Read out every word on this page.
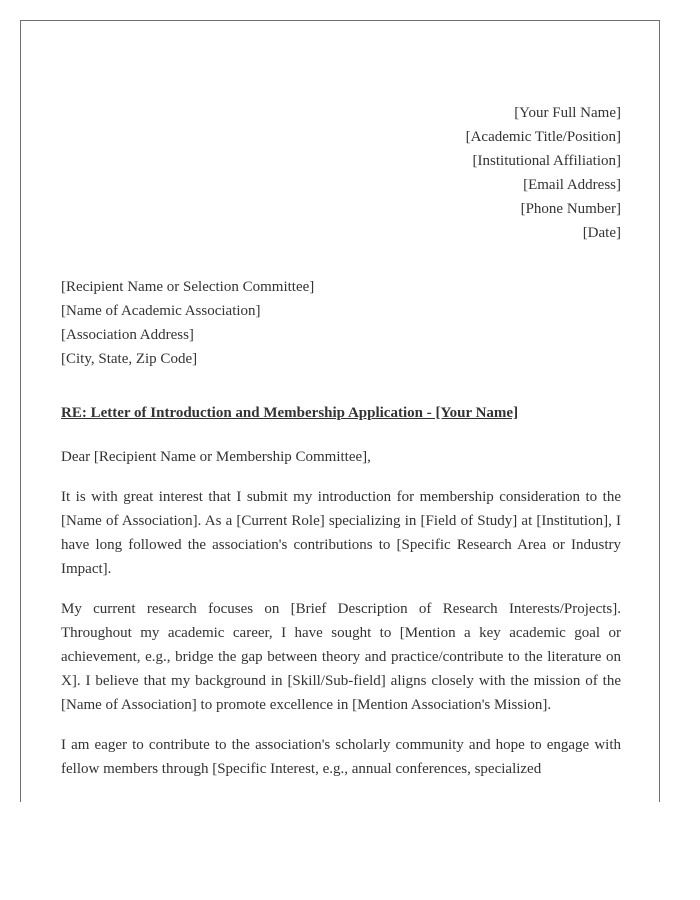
[Your Full Name]
[Academic Title/Position]
[Institutional Affiliation]
[Email Address]
[Phone Number]
[Date]
[Recipient Name or Selection Committee]
[Name of Academic Association]
[Association Address]
[City, State, Zip Code]
RE: Letter of Introduction and Membership Application - [Your Name]
Dear [Recipient Name or Membership Committee],
It is with great interest that I submit my introduction for membership consideration to the [Name of Association]. As a [Current Role] specializing in [Field of Study] at [Institution], I have long followed the association's contributions to [Specific Research Area or Industry Impact].
My current research focuses on [Brief Description of Research Interests/Projects]. Throughout my academic career, I have sought to [Mention a key academic goal or achievement, e.g., bridge the gap between theory and practice/contribute to the literature on X]. I believe that my background in [Skill/Sub-field] aligns closely with the mission of the [Name of Association] to promote excellence in [Mention Association's Mission].
I am eager to contribute to the association's scholarly community and hope to engage with fellow members through [Specific Interest, e.g., annual conferences, specialized
